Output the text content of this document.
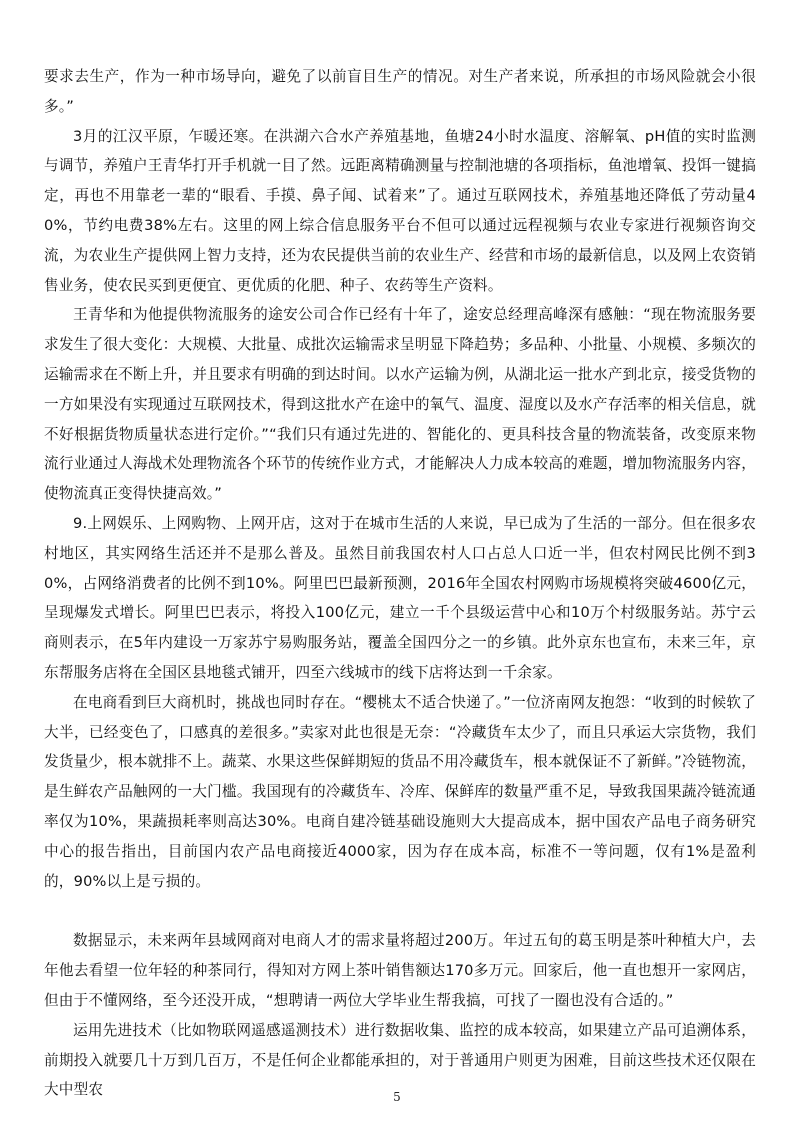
要求去生产，作为一种市场导向，避免了以前盲目生产的情况。对生产者来说，所承担的市场风险就会小很多。”

3月的江汉平原，乍暖还寒。在洪湖六合水产养殖基地，鱼塘24小时水温度、溶解氧、pH值的实时监测与调节，养殖户王青华打开手机就一目了然。远距离精确测量与控制池塘的各项指标，鱼池增氧、投饵一键搞定，再也不用靠老一辈的“眼看、手摸、鼻子闻、试着来”了。通过互联网技术，养殖基地还降低了劳动量40%，节约电费38%左右。这里的网上综合信息服务平台不但可以通过远程视频与农业专家进行视频咨询交流，为农业生产提供网上智力支持，还为农民提供当前的农业生产、经营和市场的最新信息，以及网上农资销售业务，使农民买到更便宜、更优质的化肥、种子、农药等生产资料。

王青华和为他提供物流服务的途安公司合作已经有十年了，途安总经理高峰深有感触：“现在物流服务要求发生了很大变化：大规模、大批量、成批次运输需求呈明显下降趋势；多品种、小批量、小规模、多频次的运输需求在不断上升，并且要求有明确的到达时间。以水产运输为例，从湖北运一批水产到北京，接受货物的一方如果没有实现通过互联网技术，得到这批水产在途中的氧气、温度、湿度以及水产存活率的相关信息，就不好根据货物质量状态进行定价。”“我们只有通过先进的、智能化的、更具科技含量的物流装备，改变原来物流行业通过人海战术处理物流各个环节的传统作业方式，才能解决人力成本较高的难题，增加物流服务内容，使物流真正变得快捷高效。”

9.上网娱乐、上网购物、上网开店，这对于在城市生活的人来说，早已成为了生活的一部分。但在很多农村地区，其实网络生活还并不是那么普及。虽然目前我国农村人口占总人口近一半，但农村网民比例不到30%，占网络消费者的比例不到10%。阿里巴巴最新预测，2016年全国农村网购市场规模将突破4600亿元，呈现爆发式增长。阿里巴巴表示，将投入100亿元，建立一千个县级运营中心和10万个村级服务站。苏宁云商则表示，在5年内建设一万家苏宁易购服务站，覆盖全国四分之一的乡镇。此外京东也宣布，未来三年，京东帮服务店将在全国区县地毯式铺开，四至六线城市的线下店将达到一千余家。

在电商看到巨大商机时，挑战也同时存在。“樱桃太不适合快递了。”一位济南网友抱怨：“收到的时候软了大半，已经变色了，口感真的差很多。”卖家对此也很是无奈：“冷藏货车太少了，而且只承运大宗货物，我们发货量少，根本就排不上。蔬菜、水果这些保鲜期短的货品不用冷藏货车，根本就保证不了新鲜。”冷链物流，是生鲜农产品触网的一大门槛。我国现有的冷藏货车、冷库、保鲜库的数量严重不足，导致我国果蔬冷链流通率仅为10%，果蔬损耗率则高达30%。电商自建冷链基础设施则大大提高成本，据中国农产品电子商务研究中心的报告指出，目前国内农产品电商接近4000家，因为存在成本高，标准不一等问题，仅有1%是盈利的，90%以上是亏损的。

数据显示，未来两年县域网商对电商人才的需求量将超过200万。年过五旬的葛玉明是茶叶种植大户，去年他去看望一位年轻的种茶同行，得知对方网上茶叶销售额达170多万元。回家后，他一直也想开一家网店，但由于不懂网络，至今还没开成，“想聘请一两位大学毕业生帮我搞，可找了一圈也没有合适的。”

运用先进技术（比如物联网遥感遥测技术）进行数据收集、监控的成本较高，如果建立产品可追溯体系，前期投入就要几十万到几百万，不是任何企业都能承担的，对于普通用户则更为困难，目前这些技术还仅限在大中型农	5
